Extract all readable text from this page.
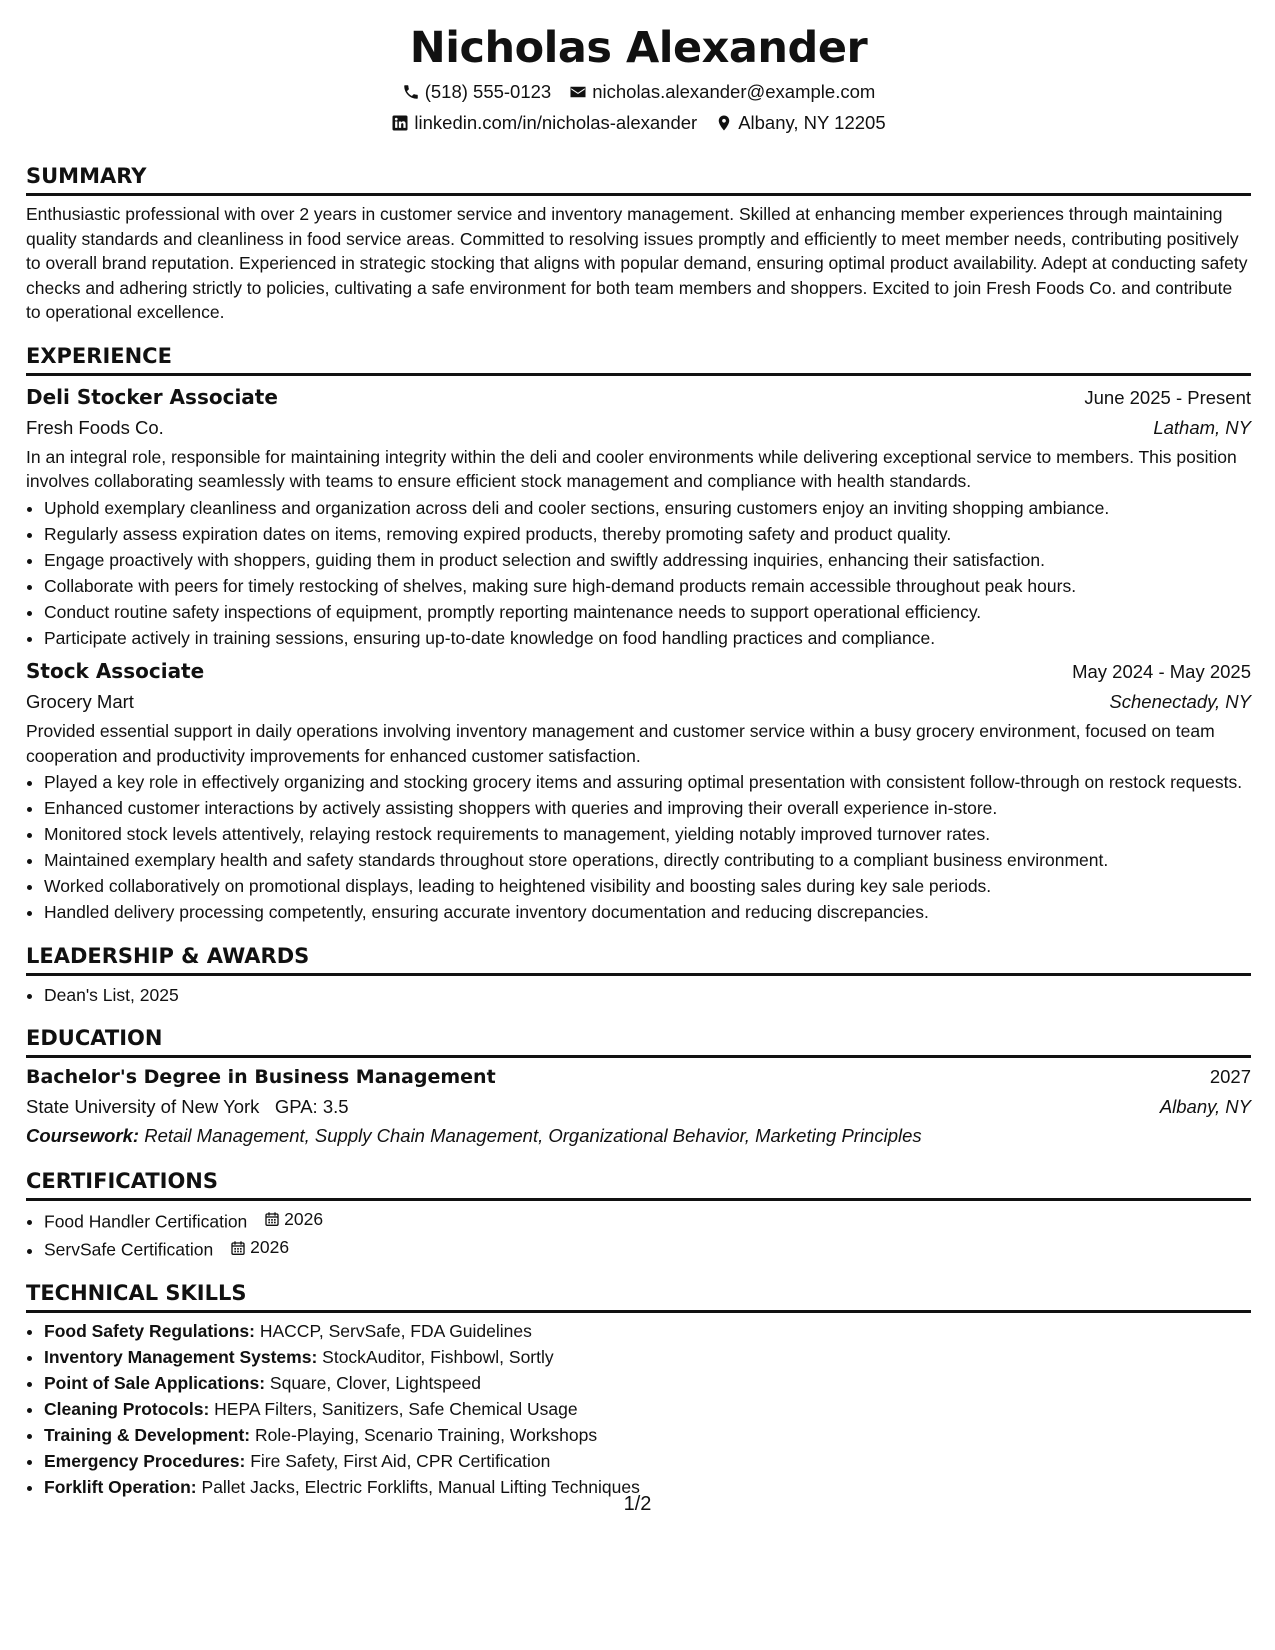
Nicholas Alexander
(518) 555-0123 nicholas.alexander@example.com
linkedin.com/in/nicholas-alexander Albany, NY 12205
SUMMARY

Enthusiastic professional with over 2 years in customer service and inventory management. Skilled at enhancing member experiences through maintaining quality standards and cleanliness in food service areas. Committed to resolving issues promptly and efficiently to meet member needs, contributing positively to overall brand reputation. Experienced in strategic stocking that aligns with popular demand, ensuring optimal product availability. Adept at conducting safety checks and adhering strictly to policies, cultivating a safe environment for both team members and shoppers. Excited to join Fresh Foods Co. and contribute to operational excellence.

EXPERIENCE
Deli Stocker Associate	June 2025 - Present
Fresh Foods Co.	Latham, NY

In an integral role, responsible for maintaining integrity within the deli and cooler environments while delivering exceptional service to members. This position involves collaborating seamlessly with teams to ensure efficient stock management and compliance with health standards.

• Uphold exemplary cleanliness and organization across deli and cooler sections, ensuring customers enjoy an inviting shopping ambiance.
• Regularly assess expiration dates on items, removing expired products, thereby promoting safety and product quality.
• Engage proactively with shoppers, guiding them in product selection and swiftly addressing inquiries, enhancing their satisfaction.
• Collaborate with peers for timely restocking of shelves, making sure high-demand products remain accessible throughout peak hours.
• Conduct routine safety inspections of equipment, promptly reporting maintenance needs to support operational efficiency.
• Participate actively in training sessions, ensuring up-to-date knowledge on food handling practices and compliance.
Stock Associate	May 2024 - May 2025
Grocery Mart	Schenectady, NY

Provided essential support in daily operations involving inventory management and customer service within a busy grocery environment, focused on team cooperation and productivity improvements for enhanced customer satisfaction.

• Played a key role in effectively organizing and stocking grocery items and assuring optimal presentation with consistent follow-through on restock requests.
• Enhanced customer interactions by actively assisting shoppers with queries and improving their overall experience in-store.
• Monitored stock levels attentively, relaying restock requirements to management, yielding notably improved turnover rates.
• Maintained exemplary health and safety standards throughout store operations, directly contributing to a compliant business environment.
• Worked collaboratively on promotional displays, leading to heightened visibility and boosting sales during key sale periods.
• Handled delivery processing competently, ensuring accurate inventory documentation and reducing discrepancies.
LEADERSHIP & AWARDS
• Dean's List, 2025
EDUCATION
Bachelor's Degree in Business Management	2027
State University of New York GPA: 3.5	Albany, NY
Coursework: Retail Management, Supply Chain Management, Organizational Behavior, Marketing Principles
CERTIFICATIONS
• Food Handler Certification 2026
• ServSafe Certification 2026
TECHNICAL SKILLS
• Food Safety Regulations: HACCP, ServSafe, FDA Guidelines
• Inventory Management Systems: StockAuditor, Fishbowl, Sortly
• Point of Sale Applications: Square, Clover, Lightspeed
• Cleaning Protocols: HEPA Filters, Sanitizers, Safe Chemical Usage
• Training & Development: Role-Playing, Scenario Training, Workshops
• Emergency Procedures: Fire Safety, First Aid, CPR Certification
• Forklift Operation: Pallet Jacks, Electric Forklifts, Manual Lifting Techniques
1/2
